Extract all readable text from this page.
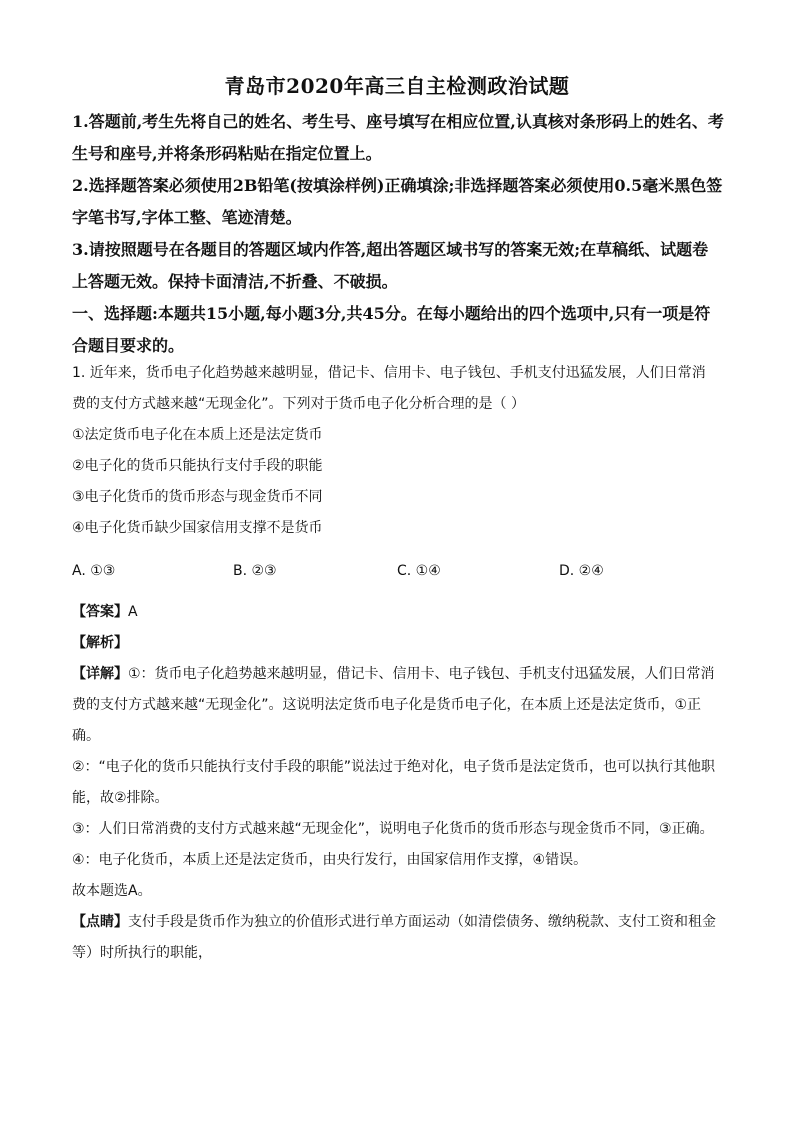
青岛市2020年高三自主检测政治试题

1.答题前,考生先将自己的姓名、考生号、座号填写在相应位置,认真核对条形码上的姓名、考生号和座号,并将条形码粘贴在指定位置上。

2.选择题答案必须使用2B铅笔(按填涂样例)正确填涂;非选择题答案必须使用0.5毫米黑色签字笔书写,字体工整、笔迹清楚。

3.请按照题号在各题目的答题区域内作答,超出答题区域书写的答案无效;在草稿纸、试题卷上答题无效。保持卡面清洁,不折叠、不破损。

一、选择题:本题共15小题,每小题3分,共45分。在每小题给出的四个选项中,只有一项是符合题目要求的。

1. 近年来，货币电子化趋势越来越明显，借记卡、信用卡、电子钱包、手机支付迅猛发展，人们日常消
费的支付方式越来越“无现金化”。下列对于货币电子化分析合理的是（ ）
①法定货币电子化在本质上还是法定货币
②电子化的货币只能执行支付手段的职能
③电子化货币的货币形态与现金货币不同
④电子化货币缺少国家信用支撑不是货币
A. ①③	B. ②③	C. ①④	D. ②④
【答案】A
【解析】
【详解】①：货币电子化趋势越来越明显，借记卡、信用卡、电子钱包、手机支付迅猛发展，人们日常消费的支付方式越来越“无现金化”。这说明法定货币电子化是货币电子化，在本质上还是法定货币，①正确。
②：“电子化的货币只能执行支付手段的职能”说法过于绝对化，电子货币是法定货币，也可以执行其他职能，故②排除。
③：人们日常消费的支付方式越来越“无现金化”，说明电子化货币的货币形态与现金货币不同，③正确。
④：电子化货币，本质上还是法定货币，由央行发行，由国家信用作支撑，④错误。
故本题选A。
【点睛】支付手段是货币作为独立的价值形式进行单方面运动（如清偿债务、缴纳税款、支付工资和租金等）时所执行的职能，
